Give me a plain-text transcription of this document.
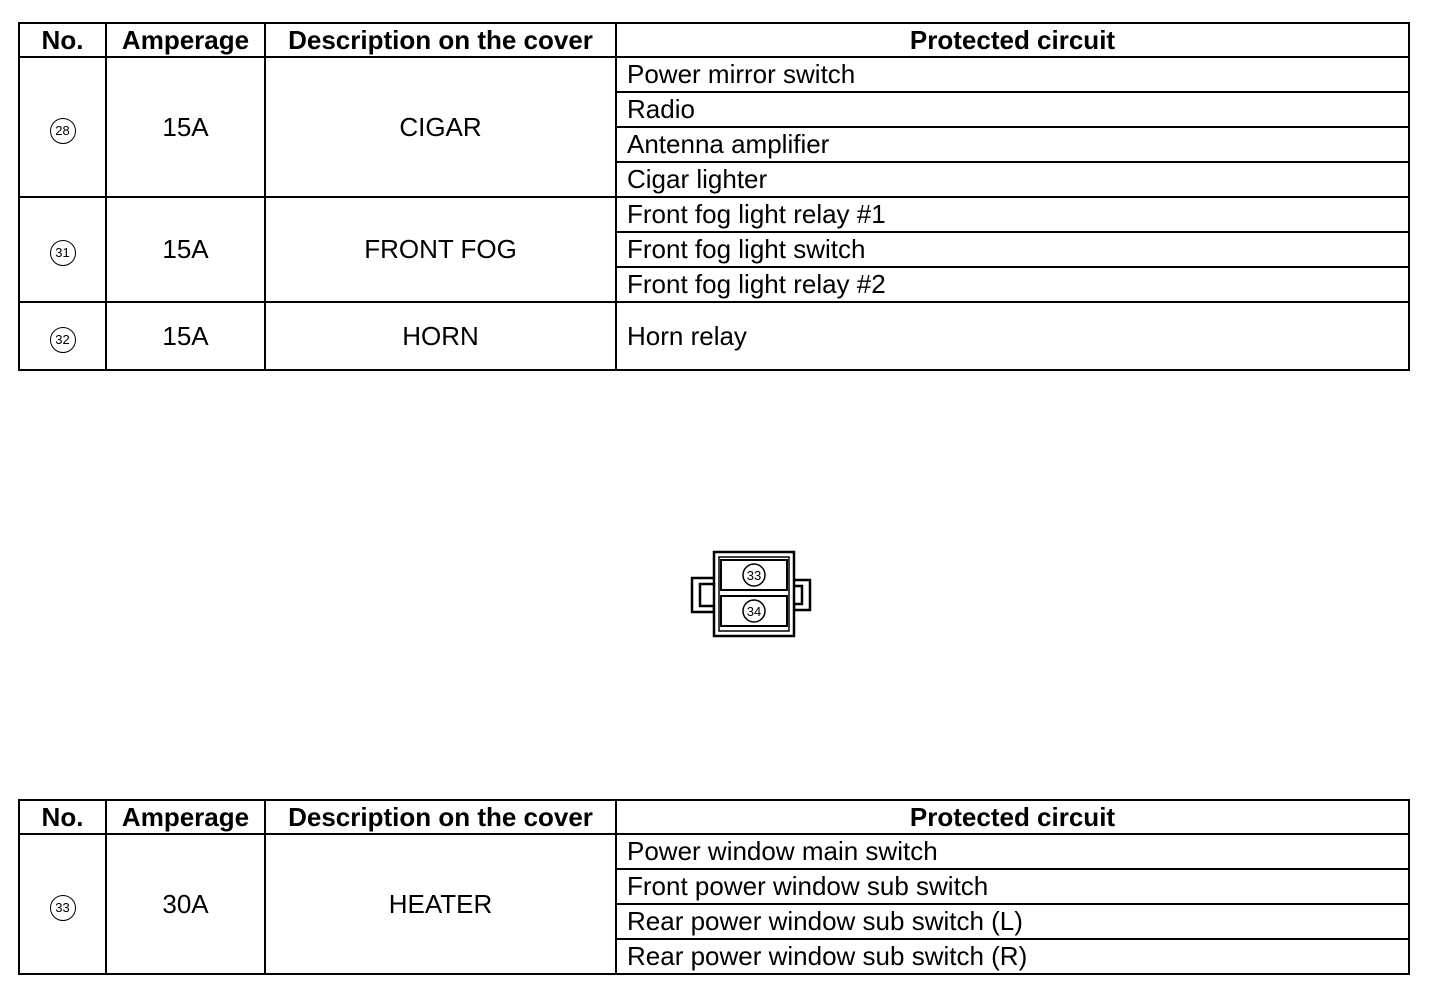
No.	Amperage	Description on the cover	Protected circuit
28	15A	CIGAR	Power mirror switch
			Radio
			Antenna amplifier
			Cigar lighter
31	15A	FRONT FOG	Front fog light relay #1
			Front fog light switch
			Front fog light relay #2
32	15A	HORN	Horn relay
33
34
No.	Amperage	Description on the cover	Protected circuit
33	30A	HEATER	Power window main switch
			Front power window sub switch
			Rear power window sub switch (L)
			Rear power window sub switch (R)
